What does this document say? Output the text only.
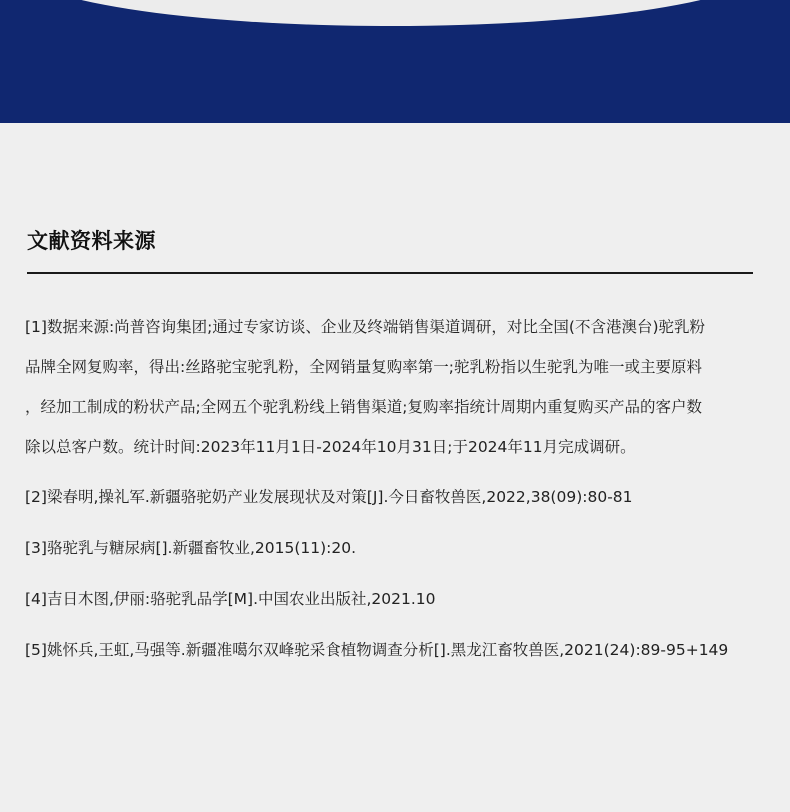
文献资料来源

[1]数据来源:尚普咨询集团;通过专家访谈、企业及终端销售渠道调研，对比全国(不含港澳台)驼乳粉
品牌全网复购率，得出:丝路驼宝驼乳粉，全网销量复购率第一;驼乳粉指以生驼乳为唯一或主要原料
，经加工制成的粉状产品;全网五个驼乳粉线上销售渠道;复购率指统计周期内重复购买产品的客户数
除以总客户数。统计时间:2023年11月1日-2024年10月31日;于2024年11月完成调研。

[2]梁春明,操礼军.新疆骆驼奶产业发展现状及对策[J].今日畜牧兽医,2022,38(09):80-81

[3]骆驼乳与糖尿病[].新疆畜牧业,2015(11):20.

[4]吉日木图,伊丽:骆驼乳品学[M].中国农业出版社,2021.10

[5]姚怀兵,王虹,马强等.新疆准噶尔双峰驼采食植物调查分析[].黑龙江畜牧兽医,2021(24):89-95+149
